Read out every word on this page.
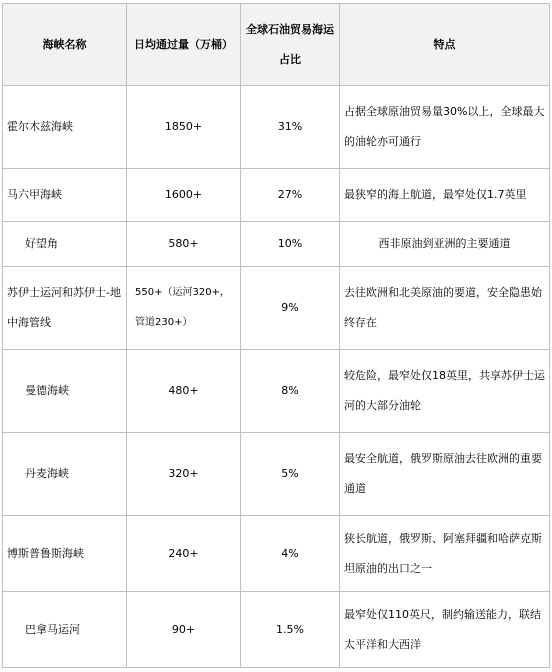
海峡名称	日均通过量（万桶）	全球石油贸易海运占比	特点
霍尔木兹海峡	1850+	31%	占据全球原油贸易量30%以上，全球最大的油轮亦可通行
马六甲海峡	1600+	27%	最狭窄的海上航道，最窄处仅1.7英里
好望角	580+	10%	西非原油到亚洲的主要通道
苏伊士运河和苏伊士-地中海管线	550+（运河320+，管道230+）	9%	去往欧洲和北美原油的要道，安全隐患始终存在
曼德海峡	480+	8%	较危险，最窄处仅18英里，共享苏伊士运河的大部分油轮
丹麦海峡	320+	5%	最安全航道，俄罗斯原油去往欧洲的重要通道
博斯普鲁斯海峡	240+	4%	狭长航道，俄罗斯、阿塞拜疆和哈萨克斯坦原油的出口之一
巴拿马运河	90+	1.5%	最窄处仅110英尺，制约输送能力，联结太平洋和大西洋
